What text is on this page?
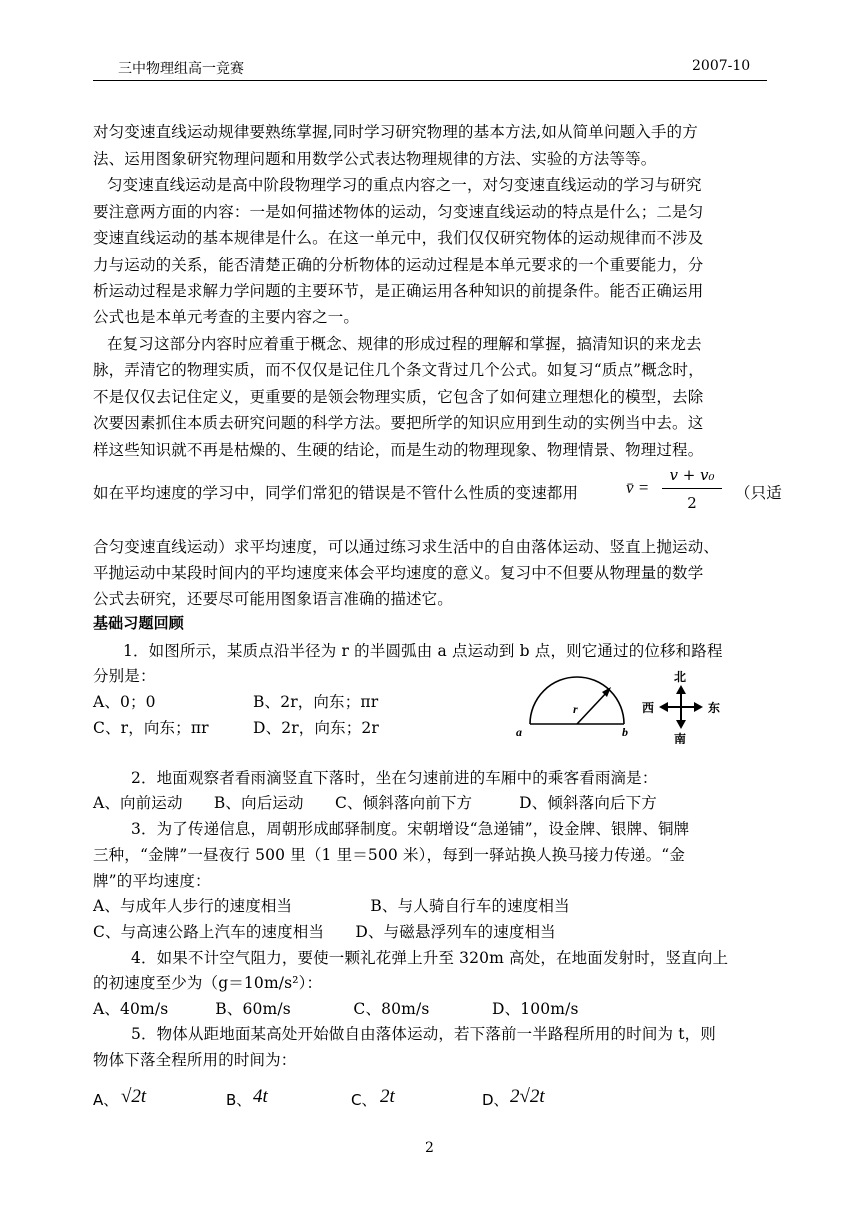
三中物理组高一竞赛	2007-10
对匀变速直线运动规律要熟练掌握,同时学习研究物理的基本方法,如从简单问题入手的方
法、运用图象研究物理问题和用数学公式表达物理规律的方法、实验的方法等等。
匀变速直线运动是高中阶段物理学习的重点内容之一，对匀变速直线运动的学习与研究
要注意两方面的内容：一是如何描述物体的运动，匀变速直线运动的特点是什么；二是匀
变速直线运动的基本规律是什么。在这一单元中，我们仅仅研究物体的运动规律而不涉及
力与运动的关系，能否清楚正确的分析物体的运动过程是本单元要求的一个重要能力，分
析运动过程是求解力学问题的主要环节，是正确运用各种知识的前提条件。能否正确运用
公式也是本单元考查的主要内容之一。
在复习这部分内容时应着重于概念、规律的形成过程的理解和掌握，搞清知识的来龙去
脉，弄清它的物理实质，而不仅仅是记住几个条文背过几个公式。如复习“质点”概念时，
不是仅仅去记住定义，更重要的是领会物理实质，它包含了如何建立理想化的模型，去除
次要因素抓住本质去研究问题的科学方法。要把所学的知识应用到生动的实例当中去。这
样这些知识就不再是枯燥的、生硬的结论，而是生动的物理现象、物理情景、物理过程。
如在平均速度的学习中，同学们常犯的错误是不管什么性质的变速都用	v̄ =
v + v₀
2
（只适
合匀变速直线运动）求平均速度，可以通过练习求生活中的自由落体运动、竖直上抛运动、
平抛运动中某段时间内的平均速度来体会平均速度的意义。复习中不但要从物理量的数学
公式去研究，还要尽可能用图象语言准确的描述它。
基础习题回顾
1．如图所示，某质点沿半径为 r 的半圆弧由 a 点运动到 b 点，则它通过的位移和路程
分别是：
A、0；0	B、2r，向东；πr
C、r，向东；πr	D、2r，向东；2r
r
a	b
北
南
东
西
2．地面观察者看雨滴竖直下落时，坐在匀速前进的车厢中的乘客看雨滴是：
A、向前运动　　B、向后运动　　C、倾斜落向前下方　　　D、倾斜落向后下方
3．为了传递信息，周朝形成邮驿制度。宋朝增设“急递铺”，设金牌、银牌、铜牌
三种，“金牌”一昼夜行 500 里（1 里＝500 米），每到一驿站换人换马接力传递。“金
牌”的平均速度：
A、与成年人步行的速度相当　　　　　B、与人骑自行车的速度相当
C、与高速公路上汽车的速度相当　　D、与磁悬浮列车的速度相当
4．如果不计空气阻力，要使一颗礼花弹上升至 320m 高处，在地面发射时，竖直向上
的初速度至少为（g＝10m/s²）：
A、40m/s　　　B、60m/s　　　　C、80m/s　　　　D、100m/s
5．物体从距地面某高处开始做自由落体运动，若下落前一半路程所用的时间为 t，则
物体下落全程所用的时间为：
A、 √2t	B、 4t	C、 2t	D、 2√2t
2
